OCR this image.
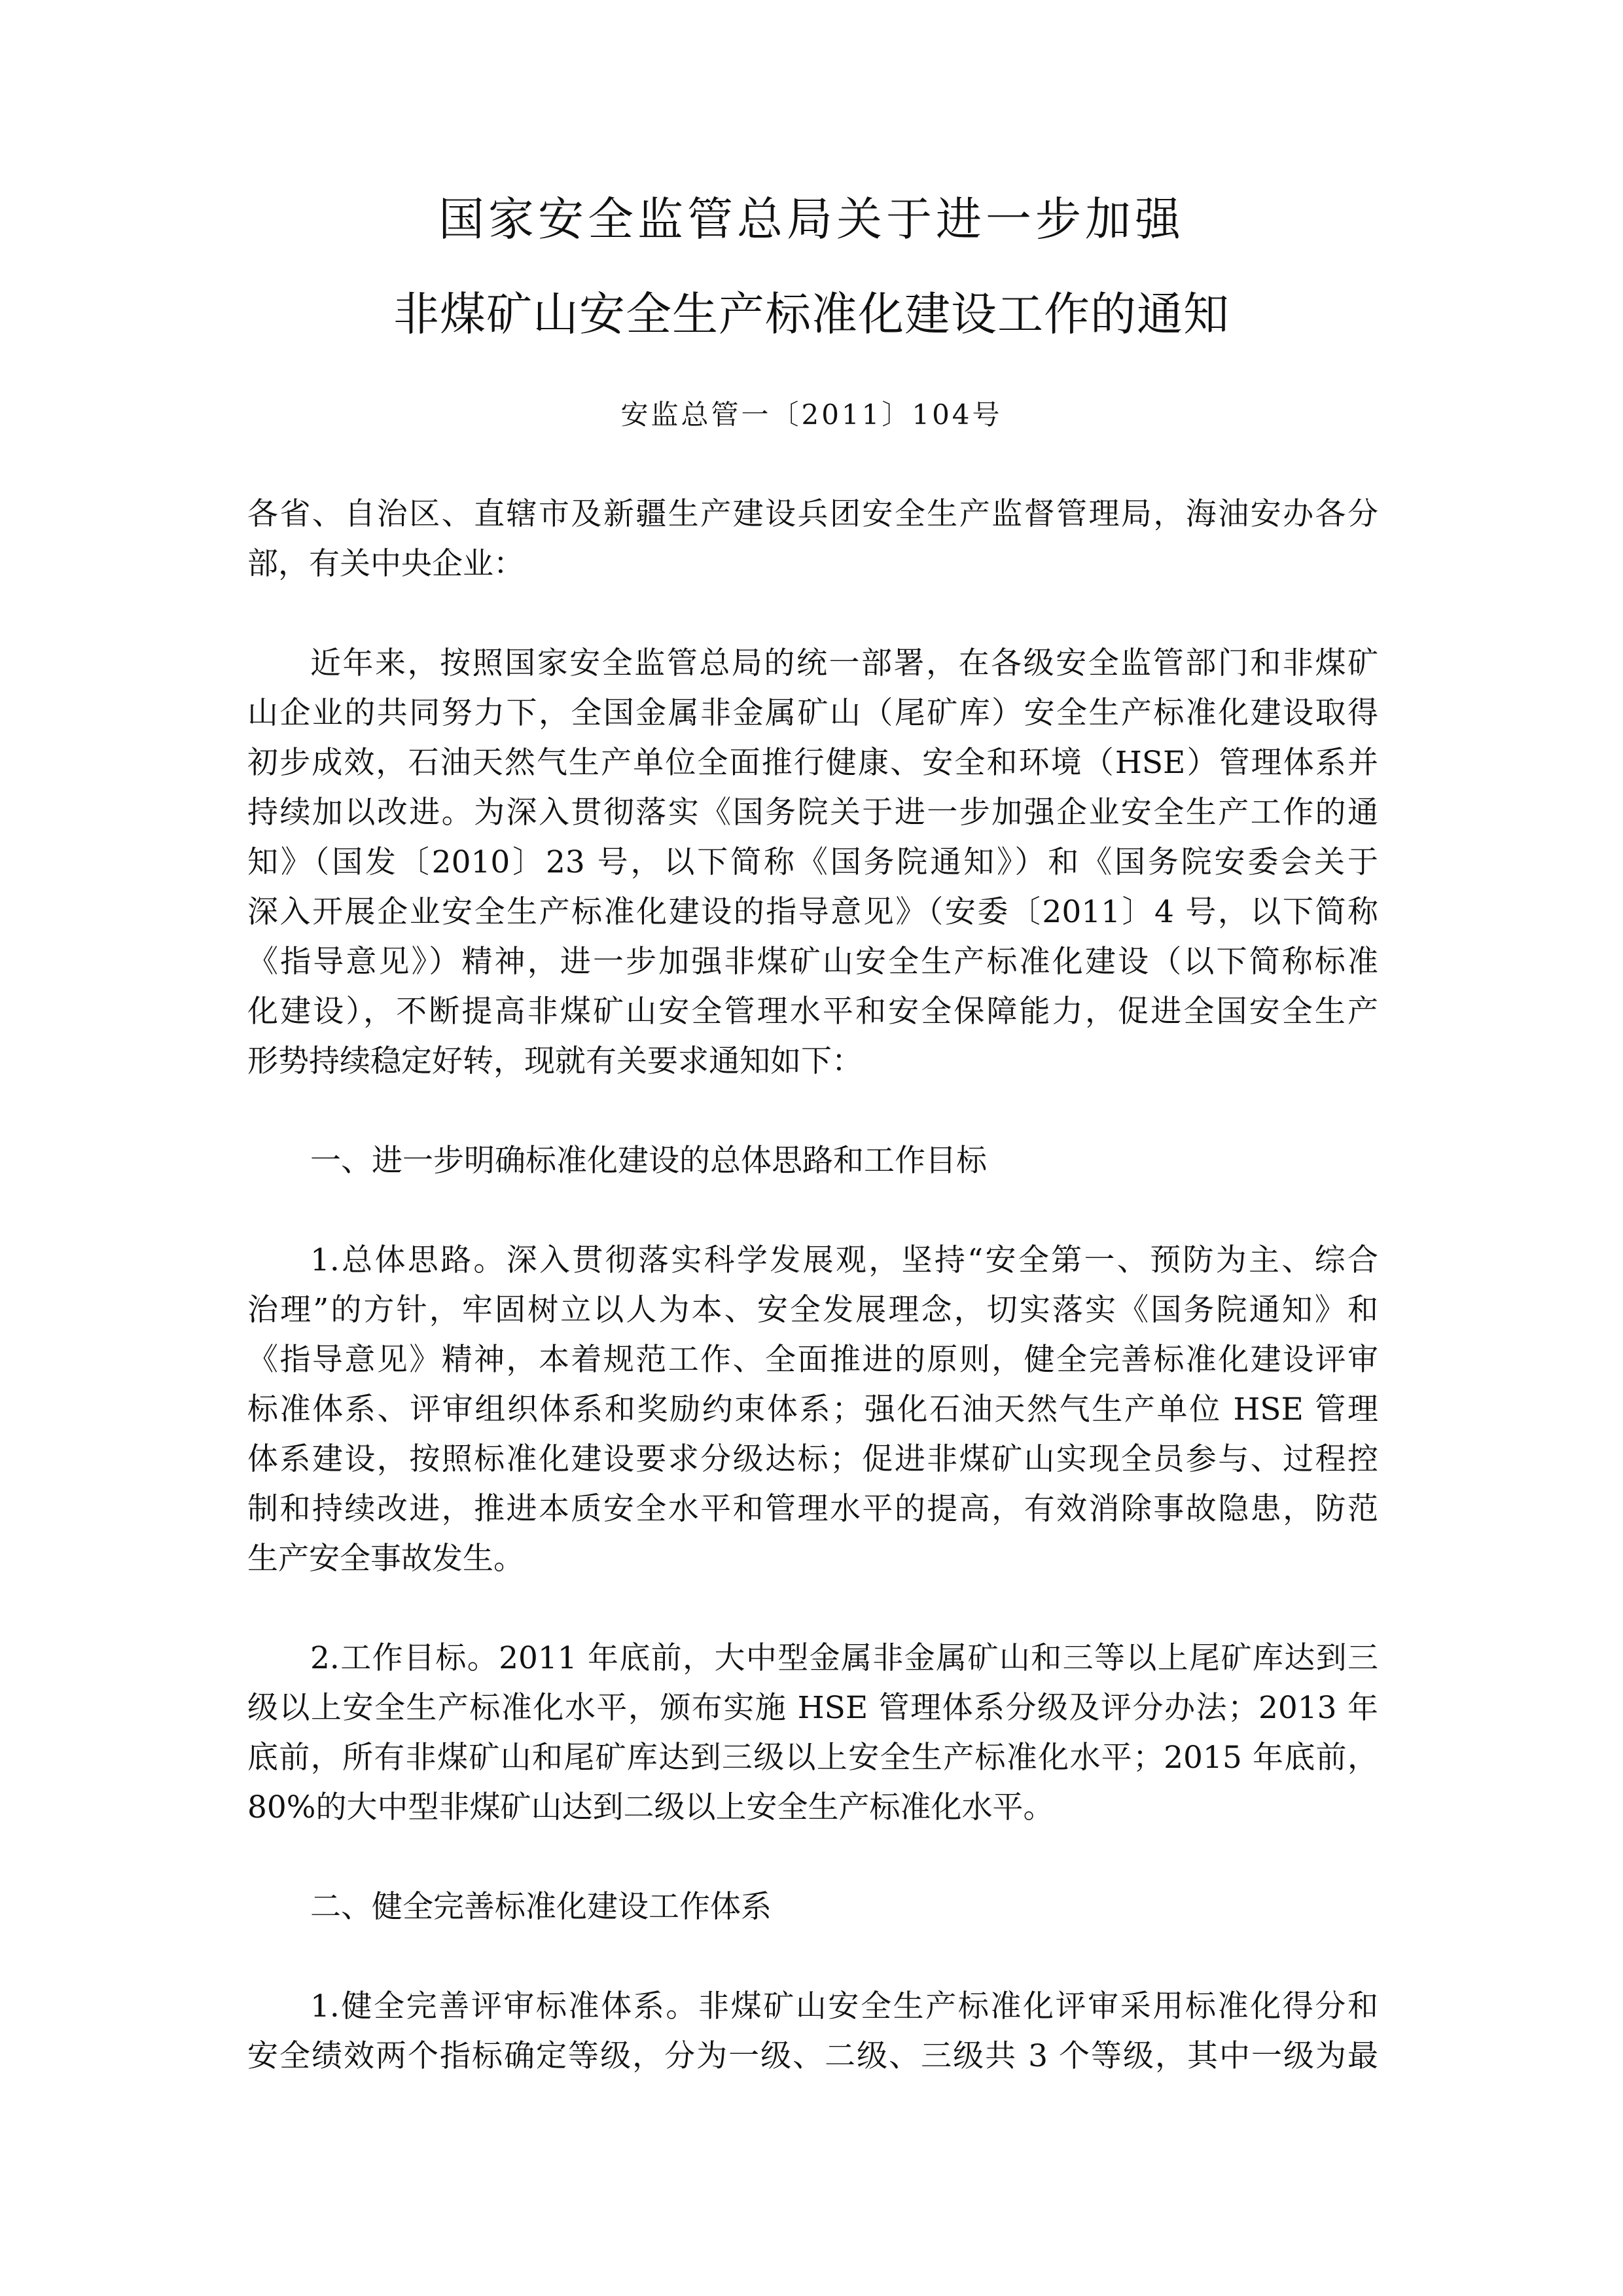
国家安全监管总局关于进一步加强
非煤矿山安全生产标准化建设工作的通知
安监总管一〔2011〕104号
各省、自治区、直辖市及新疆生产建设兵团安全生产监督管理局，海油安办各分
部，有关中央企业：
近年来，按照国家安全监管总局的统一部署，在各级安全监管部门和非煤矿
山企业的共同努力下，全国金属非金属矿山（尾矿库）安全生产标准化建设取得
初步成效，石油天然气生产单位全面推行健康、安全和环境（HSE）管理体系并
持续加以改进。为深入贯彻落实《国务院关于进一步加强企业安全生产工作的通
知》（国发〔2010〕23 号，以下简称《国务院通知》）和《国务院安委会关于
深入开展企业安全生产标准化建设的指导意见》（安委〔2011〕4 号，以下简称
《指导意见》）精神，进一步加强非煤矿山安全生产标准化建设（以下简称标准
化建设），不断提高非煤矿山安全管理水平和安全保障能力，促进全国安全生产
形势持续稳定好转，现就有关要求通知如下：
一、进一步明确标准化建设的总体思路和工作目标
1.总体思路。深入贯彻落实科学发展观，坚持“安全第一、预防为主、综合
治理”的方针，牢固树立以人为本、安全发展理念，切实落实《国务院通知》和
《指导意见》精神，本着规范工作、全面推进的原则，健全完善标准化建设评审
标准体系、评审组织体系和奖励约束体系；强化石油天然气生产单位 HSE 管理
体系建设，按照标准化建设要求分级达标；促进非煤矿山实现全员参与、过程控
制和持续改进，推进本质安全水平和管理水平的提高，有效消除事故隐患，防范
生产安全事故发生。
2.工作目标。2011 年底前，大中型金属非金属矿山和三等以上尾矿库达到三
级以上安全生产标准化水平，颁布实施 HSE 管理体系分级及评分办法；2013 年
底前，所有非煤矿山和尾矿库达到三级以上安全生产标准化水平；2015 年底前，
80%的大中型非煤矿山达到二级以上安全生产标准化水平。
二、健全完善标准化建设工作体系
1.健全完善评审标准体系。非煤矿山安全生产标准化评审采用标准化得分和
安全绩效两个指标确定等级，分为一级、二级、三级共 3 个等级，其中一级为最
